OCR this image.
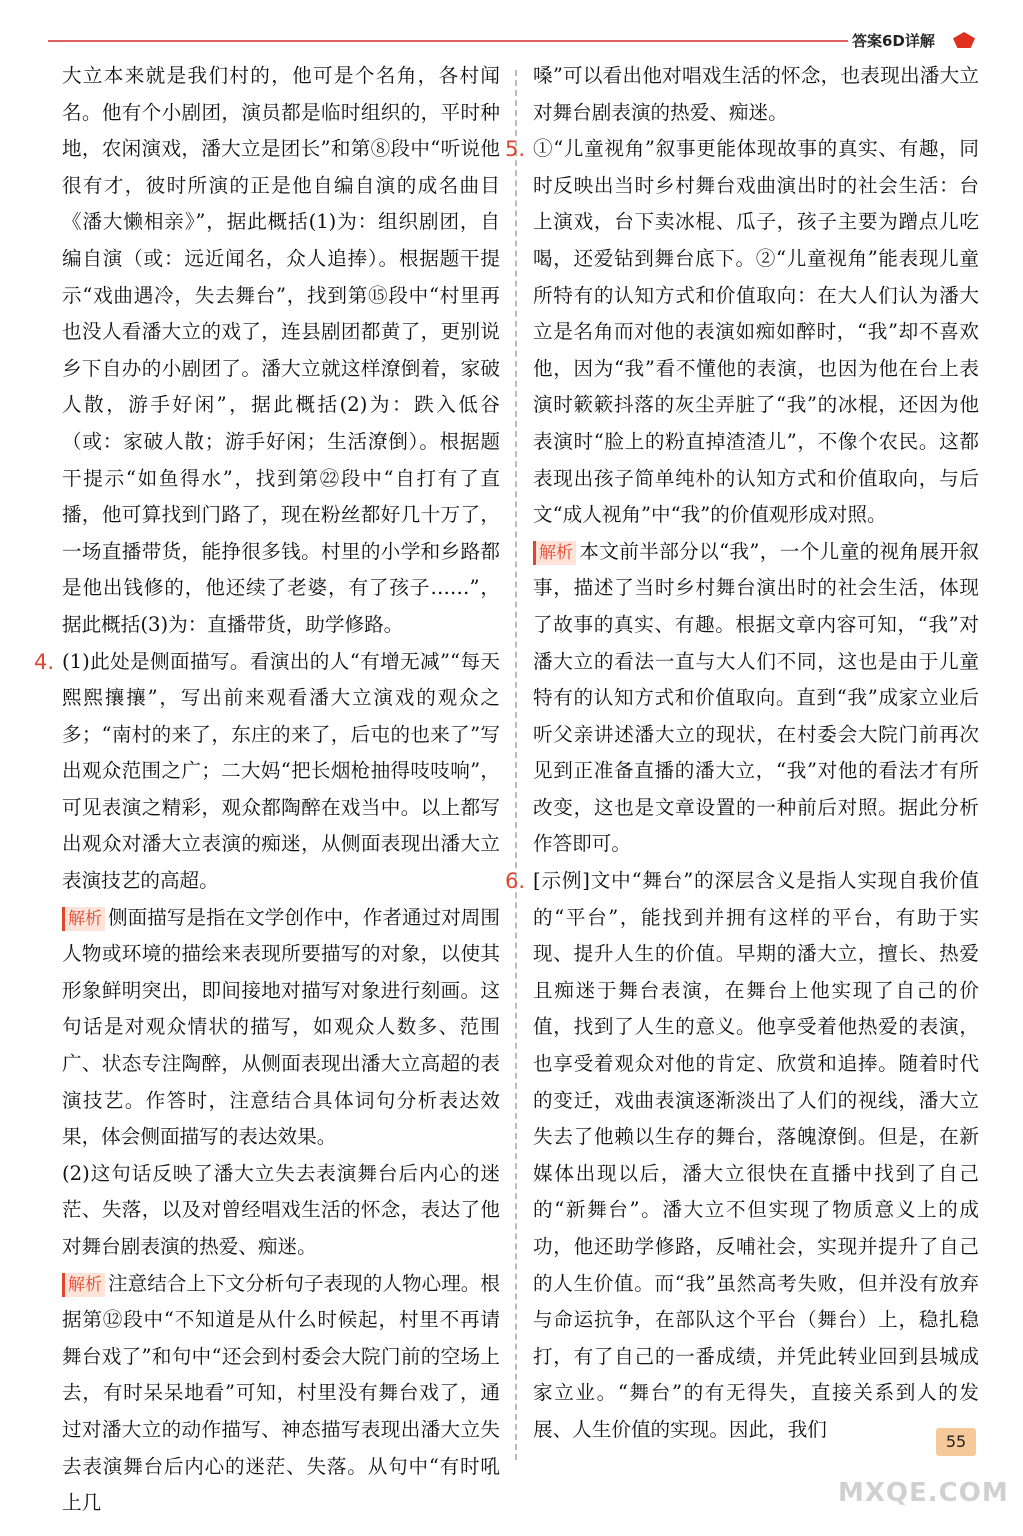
答案6D详解

大立本来就是我们村的，他可是个名角，各村闻名。他有个小剧团，演员都是临时组织的，平时种地，农闲演戏，潘大立是团长”和第⑧段中“听说他很有才，彼时所演的正是他自编自演的成名曲目《潘大懒相亲》”，据此概括(1)为：组织剧团，自编自演（或：远近闻名，众人追捧）。根据题干提示“戏曲遇冷，失去舞台”，找到第⑮段中“村里再也没人看潘大立的戏了，连县剧团都黄了，更别说乡下自办的小剧团了。潘大立就这样潦倒着，家破人散，游手好闲”，据此概括(2)为：跌入低谷（或：家破人散；游手好闲；生活潦倒）。根据题干提示“如鱼得水”，找到第㉒段中“自打有了直播，他可算找到门路了，现在粉丝都好几十万了，一场直播带货，能挣很多钱。村里的小学和乡路都是他出钱修的，他还续了老婆，有了孩子……”，据此概括(3)为：直播带货，助学修路。

4. (1)此处是侧面描写。看演出的人“有增无减”“每天熙熙攘攘”，写出前来观看潘大立演戏的观众之多；“南村的来了，东庄的来了，后屯的也来了”写出观众范围之广；二大妈“把长烟枪抽得吱吱响”，可见表演之精彩，观众都陶醉在戏当中。以上都写出观众对潘大立表演的痴迷，从侧面表现出潘大立表演技艺的高超。

解析 侧面描写是指在文学创作中，作者通过对周围人物或环境的描绘来表现所要描写的对象，以使其形象鲜明突出，即间接地对描写对象进行刻画。这句话是对观众情状的描写，如观众人数多、范围广、状态专注陶醉，从侧面表现出潘大立高超的表演技艺。作答时，注意结合具体词句分析表达效果，体会侧面描写的表达效果。

(2)这句话反映了潘大立失去表演舞台后内心的迷茫、失落，以及对曾经唱戏生活的怀念，表达了他对舞台剧表演的热爱、痴迷。

解析 注意结合上下文分析句子表现的人物心理。根据第⑫段中“不知道是从什么时候起，村里不再请舞台戏了”和句中“还会到村委会大院门前的空场上去，有时呆呆地看”可知，村里没有舞台戏了，通过对潘大立的动作描写、神态描写表现出潘大立失去表演舞台后内心的迷茫、失落。从句中“有时吼上几

嗓”可以看出他对唱戏生活的怀念，也表现出潘大立对舞台剧表演的热爱、痴迷。

5. ①“儿童视角”叙事更能体现故事的真实、有趣，同时反映出当时乡村舞台戏曲演出时的社会生活：台上演戏，台下卖冰棍、瓜子，孩子主要为蹭点儿吃喝，还爱钻到舞台底下。②“儿童视角”能表现儿童所特有的认知方式和价值取向：在大人们认为潘大立是名角而对他的表演如痴如醉时，“我”却不喜欢他，因为“我”看不懂他的表演，也因为他在台上表演时簌簌抖落的灰尘弄脏了“我”的冰棍，还因为他表演时“脸上的粉直掉渣渣儿”，不像个农民。这都表现出孩子简单纯朴的认知方式和价值取向，与后文“成人视角”中“我”的价值观形成对照。

解析 本文前半部分以“我”，一个儿童的视角展开叙事，描述了当时乡村舞台演出时的社会生活，体现了故事的真实、有趣。根据文章内容可知，“我”对潘大立的看法一直与大人们不同，这也是由于儿童特有的认知方式和价值取向。直到“我”成家立业后听父亲讲述潘大立的现状，在村委会大院门前再次见到正准备直播的潘大立，“我”对他的看法才有所改变，这也是文章设置的一种前后对照。据此分析作答即可。

6. [示例]文中“舞台”的深层含义是指人实现自我价值的“平台”，能找到并拥有这样的平台，有助于实现、提升人生的价值。早期的潘大立，擅长、热爱且痴迷于舞台表演，在舞台上他实现了自己的价值，找到了人生的意义。他享受着他热爱的表演，也享受着观众对他的肯定、欣赏和追捧。随着时代的变迁，戏曲表演逐渐淡出了人们的视线，潘大立失去了他赖以生存的舞台，落魄潦倒。但是，在新媒体出现以后，潘大立很快在直播中找到了自己的“新舞台”。潘大立不但实现了物质意义上的成功，他还助学修路，反哺社会，实现并提升了自己的人生价值。而“我”虽然高考失败，但并没有放弃与命运抗争，在部队这个平台（舞台）上，稳扎稳打，有了自己的一番成绩，并凭此转业回到县城成家立业。“舞台”的有无得失，直接关系到人的发展、人生价值的实现。因此，我们

55
MXQE.COM
